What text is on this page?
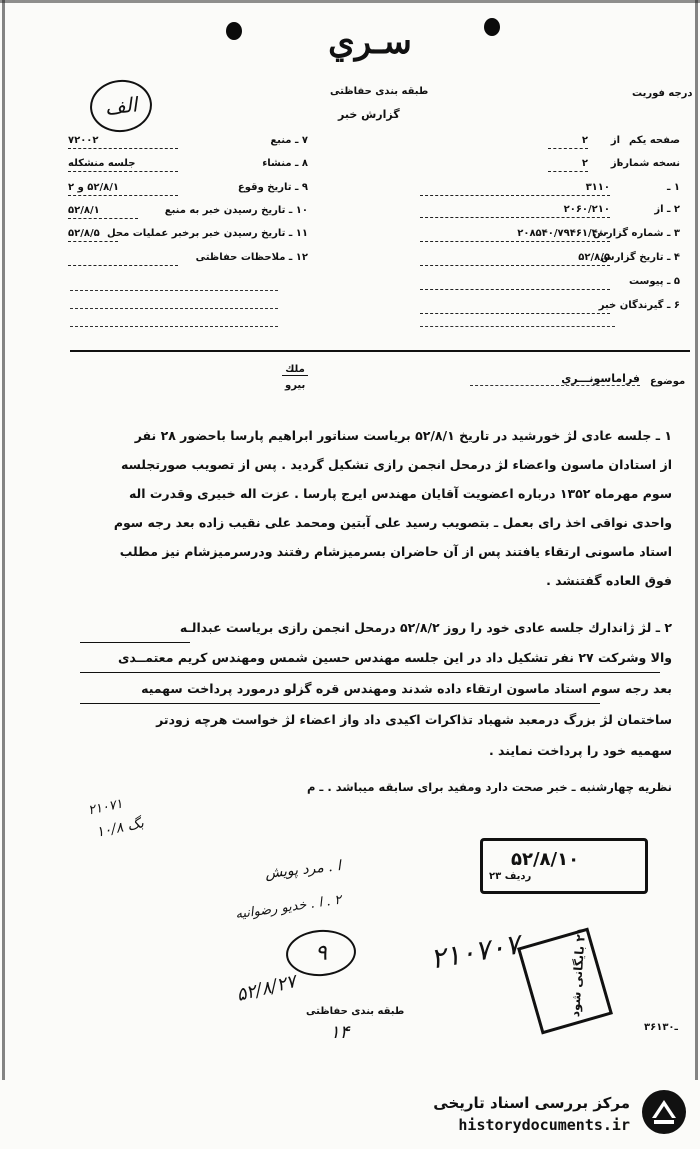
سـري
الف
طبقه بندی حفاظتی
گزارش خبر
درجه فوریت
صفحه یکم
۲ از
نسخه شماره
۲ از
۱ ـ
۳۱۱۰
۲ ـ از
۲۰۶۰/۲۱۰
۳ ـ شماره گزارش
۲۰۸۵۴۰/۷۹۴۶۱/۴۰۰
۴ ـ تاریخ گزارش
۵۲/۸/۵
۵ ـ پیوست
۶ ـ گیرندگان خبر
۷ ـ منبع
۷۲۰۰۲
۸ ـ منشاء
جلسه منشکله
۹ ـ تاریخ وقوع
۵۲/۸/۱ و ۲
۱۰ ـ تاریخ رسیدن خبر به منبع
۵۲/۸/۱
۱۱ ـ تاریخ رسیدن خبر برخبر عملیات محل
۵۲/۸/۵
۱۲ ـ ملاحظات حفاظتی
موضوع
فراماسونـــري
ملك
بيرو
۱ ـ جلسه عادی لژ خورشید در تاریخ ۵۲/۸/۱ بریاست سناتور ابراهیم پارسا باحضور ۲۸ نفر
از استادان ماسون واعضاء لژ درمحل انجمن رازی تشکیل گردید . پس از تصویب صورتجلسه
سوم مهرماه ۱۳۵۲ درباره اعضویت آقایان مهندس ایرج پارسا . عزت اله خبیری وقدرت اله
واحدی نواقی اخذ رای بعمل ـ بتصویب رسید علی آبتین ومحمد علی نقیب زاده بعد رجه سوم
استاد ماسونی ارتقاء یافتند پس از آن حاضران بسرمیزشام رفتند ودرسرمیزشام نیز مطلب
فوق العاده گفتنشد .
۲ ـ لژ ژاندارك جلسه عادی خود را روز ۵۲/۸/۲ درمحل انجمن رازی بریاست عبدالـه
والا وشرکت ۲۷ نفر تشکیل داد در این جلسه مهندس حسین شمس ومهندس کریم معتمــدی
بعد رجه سوم استاد ماسون ارتقاء داده شدند ومهندس قره گزلو درمورد پرداخت سهمیه
ساختمان لژ بزرگ درمعبد شهباد تذاکرات اکیدی داد واز اعضاء لژ خواست هرچه زودتر
سهمیه خود را پرداخت نمایند .
نظریه چهارشنبه ـ خبر صحت دارد ومفید برای سابقه میباشد . ـ م
۲۱۰۷۱
۱۰/۸ بگ
ا . مرد پویش
۲ . ا . خدیو رضوانیه
۹
۵۲/۸/۲۷
۲۱۰۷۰۷
۵۲/۸/۱۰
ردیف ۲۳
۲۱ بایگانی شود
طبقه بندی حفاظتی
۱۴	۳۶ـ۱۳۰
مرکز بررسی اسناد تاریخی
historydocuments.ir
